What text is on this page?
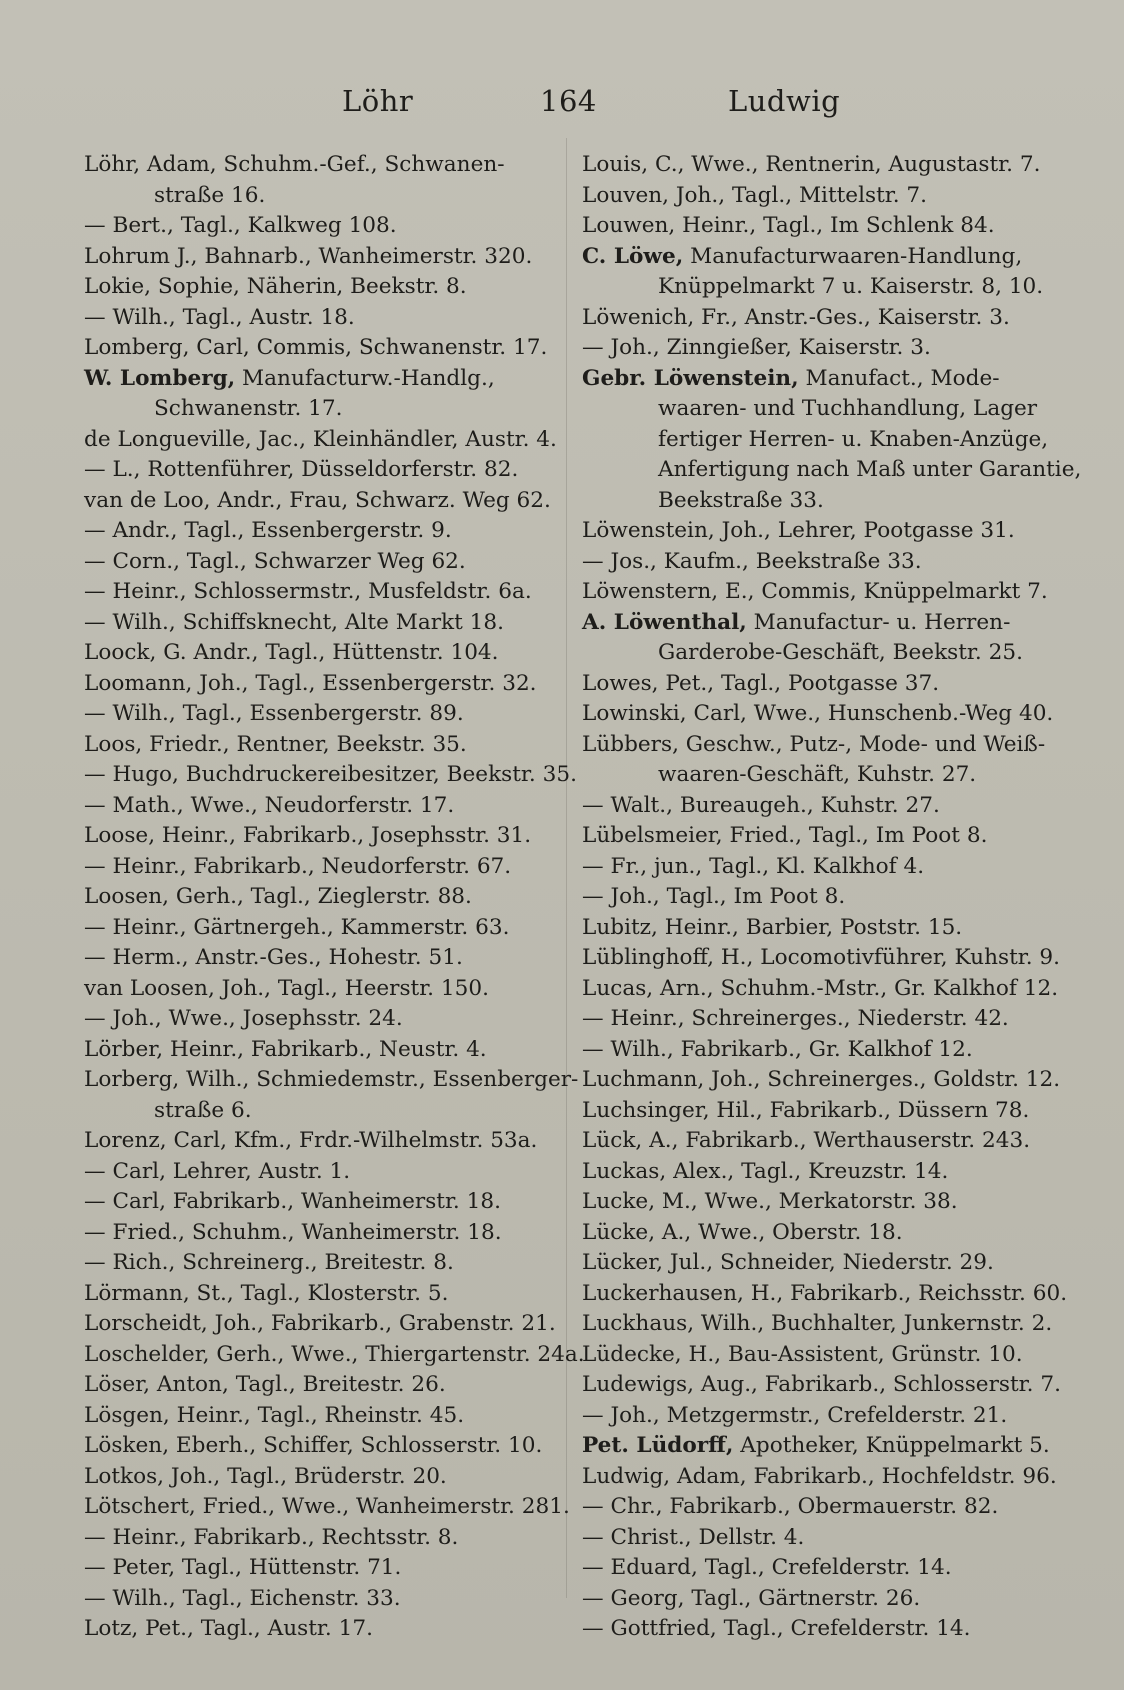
Löhr	164	Ludwig
Löhr, Adam, Schuhm.-Gef., Schwanen-
straße 16.
— Bert., Tagl., Kalkweg 108.
Lohrum J., Bahnarb., Wanheimerstr. 320.
Lokie, Sophie, Näherin, Beekstr. 8.
— Wilh., Tagl., Austr. 18.
Lomberg, Carl, Commis, Schwanenstr. 17.
W. Lomberg, Manufacturw.-Handlg.,
Schwanenstr. 17.
de Longueville, Jac., Kleinhändler, Austr. 4.
— L., Rottenführer, Düsseldorferstr. 82.
van de Loo, Andr., Frau, Schwarz. Weg 62.
— Andr., Tagl., Essenbergerstr. 9.
— Corn., Tagl., Schwarzer Weg 62.
— Heinr., Schlossermstr., Musfeldstr. 6a.
— Wilh., Schiffsknecht, Alte Markt 18.
Loock, G. Andr., Tagl., Hüttenstr. 104.
Loomann, Joh., Tagl., Essenbergerstr. 32.
— Wilh., Tagl., Essenbergerstr. 89.
Loos, Friedr., Rentner, Beekstr. 35.
— Hugo, Buchdruckereibesitzer, Beekstr. 35.
— Math., Wwe., Neudorferstr. 17.
Loose, Heinr., Fabrikarb., Josephsstr. 31.
— Heinr., Fabrikarb., Neudorferstr. 67.
Loosen, Gerh., Tagl., Zieglerstr. 88.
— Heinr., Gärtnergeh., Kammerstr. 63.
— Herm., Anstr.-Ges., Hohestr. 51.
van Loosen, Joh., Tagl., Heerstr. 150.
— Joh., Wwe., Josephsstr. 24.
Lörber, Heinr., Fabrikarb., Neustr. 4.
Lorberg, Wilh., Schmiedemstr., Essenberger-
straße 6.
Lorenz, Carl, Kfm., Frdr.-Wilhelmstr. 53a.
— Carl, Lehrer, Austr. 1.
— Carl, Fabrikarb., Wanheimerstr. 18.
— Fried., Schuhm., Wanheimerstr. 18.
— Rich., Schreinerg., Breitestr. 8.
Lörmann, St., Tagl., Klosterstr. 5.
Lorscheidt, Joh., Fabrikarb., Grabenstr. 21.
Loschelder, Gerh., Wwe., Thiergartenstr. 24a.
Löser, Anton, Tagl., Breitestr. 26.
Lösgen, Heinr., Tagl., Rheinstr. 45.
Lösken, Eberh., Schiffer, Schlosserstr. 10.
Lotkos, Joh., Tagl., Brüderstr. 20.
Lötschert, Fried., Wwe., Wanheimerstr. 281.
— Heinr., Fabrikarb., Rechtsstr. 8.
— Peter, Tagl., Hüttenstr. 71.
— Wilh., Tagl., Eichenstr. 33.
Lotz, Pet., Tagl., Austr. 17.
Louis, C., Wwe., Rentnerin, Augustastr. 7.
Louven, Joh., Tagl., Mittelstr. 7.
Louwen, Heinr., Tagl., Im Schlenk 84.
C. Löwe, Manufacturwaaren-Handlung,
Knüppelmarkt 7 u. Kaiserstr. 8, 10.
Löwenich, Fr., Anstr.-Ges., Kaiserstr. 3.
— Joh., Zinngießer, Kaiserstr. 3.
Gebr. Löwenstein, Manufact., Mode-
waaren- und Tuchhandlung, Lager
fertiger Herren- u. Knaben-Anzüge,
Anfertigung nach Maß unter Garantie,
Beekstraße 33.
Löwenstein, Joh., Lehrer, Pootgasse 31.
— Jos., Kaufm., Beekstraße 33.
Löwenstern, E., Commis, Knüppelmarkt 7.
A. Löwenthal, Manufactur- u. Herren-
Garderobe-Geschäft, Beekstr. 25.
Lowes, Pet., Tagl., Pootgasse 37.
Lowinski, Carl, Wwe., Hunschenb.-Weg 40.
Lübbers, Geschw., Putz-, Mode- und Weiß-
waaren-Geschäft, Kuhstr. 27.
— Walt., Bureaugeh., Kuhstr. 27.
Lübelsmeier, Fried., Tagl., Im Poot 8.
— Fr., jun., Tagl., Kl. Kalkhof 4.
— Joh., Tagl., Im Poot 8.
Lubitz, Heinr., Barbier, Poststr. 15.
Lüblinghoff, H., Locomotivführer, Kuhstr. 9.
Lucas, Arn., Schuhm.-Mstr., Gr. Kalkhof 12.
— Heinr., Schreinerges., Niederstr. 42.
— Wilh., Fabrikarb., Gr. Kalkhof 12.
Luchmann, Joh., Schreinerges., Goldstr. 12.
Luchsinger, Hil., Fabrikarb., Düssern 78.
Lück, A., Fabrikarb., Werthauserstr. 243.
Luckas, Alex., Tagl., Kreuzstr. 14.
Lucke, M., Wwe., Merkatorstr. 38.
Lücke, A., Wwe., Oberstr. 18.
Lücker, Jul., Schneider, Niederstr. 29.
Luckerhausen, H., Fabrikarb., Reichsstr. 60.
Luckhaus, Wilh., Buchhalter, Junkernstr. 2.
Lüdecke, H., Bau-Assistent, Grünstr. 10.
Ludewigs, Aug., Fabrikarb., Schlosserstr. 7.
— Joh., Metzgermstr., Crefelderstr. 21.
Pet. Lüdorff, Apotheker, Knüppelmarkt 5.
Ludwig, Adam, Fabrikarb., Hochfeldstr. 96.
— Chr., Fabrikarb., Obermauerstr. 82.
— Christ., Dellstr. 4.
— Eduard, Tagl., Crefelderstr. 14.
— Georg, Tagl., Gärtnerstr. 26.
— Gottfried, Tagl., Crefelderstr. 14.
